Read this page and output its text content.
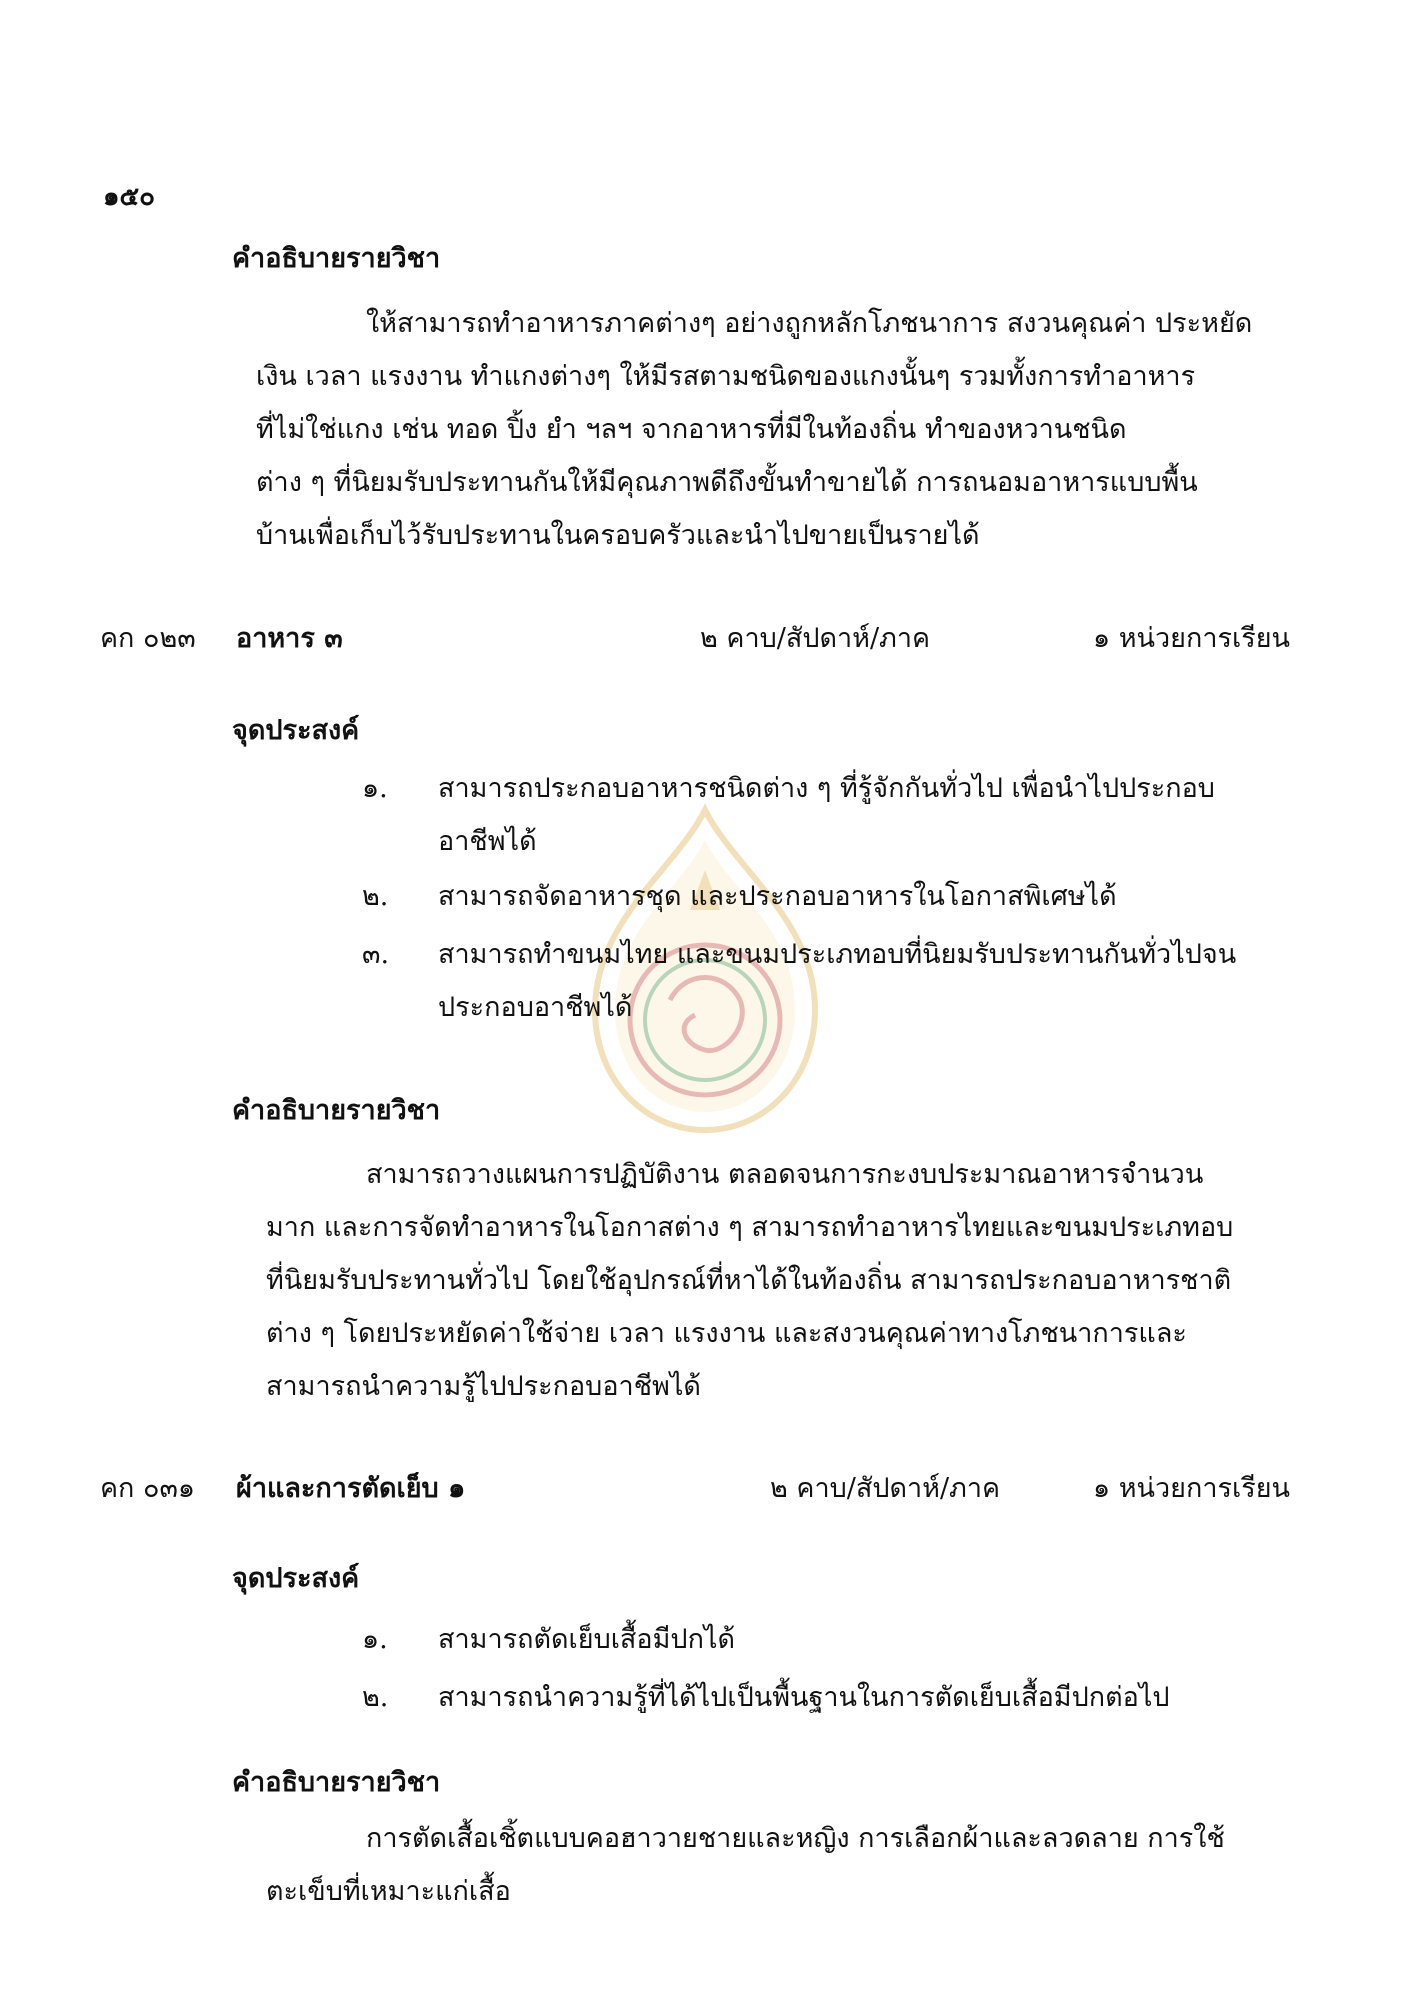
๑๕๐
คำอธิบายรายวิชา
ให้สามารถทำอาหารภาคต่างๆ อย่างถูกหลักโภชนาการ สงวนคุณค่า ประหยัด
เงิน เวลา แรงงาน ทำแกงต่างๆ ให้มีรสตามชนิดของแกงนั้นๆ รวมทั้งการทำอาหาร
ที่ไม่ใช่แกง เช่น ทอด ปิ้ง ยำ ฯลฯ จากอาหารที่มีในท้องถิ่น ทำของหวานชนิด
ต่าง ๆ ที่นิยมรับประทานกันให้มีคุณภาพดีถึงขั้นทำขายได้ การถนอมอาหารแบบพื้น
บ้านเพื่อเก็บไว้รับประทานในครอบครัวและนำไปขายเป็นรายได้
คก ๐๒๓ อาหาร ๓	๒ คาบ/สัปดาห์/ภาค	๑ หน่วยการเรียน
จุดประสงค์
๑. สามารถประกอบอาหารชนิดต่าง ๆ ที่รู้จักกันทั่วไป เพื่อนำไปประกอบ
อาชีพได้
๒. สามารถจัดอาหารชุด และประกอบอาหารในโอกาสพิเศษได้
๓. สามารถทำขนมไทย และขนมประเภทอบที่นิยมรับประทานกันทั่วไปจน
ประกอบอาชีพได้
คำอธิบายรายวิชา
สามารถวางแผนการปฏิบัติงาน ตลอดจนการกะงบประมาณอาหารจำนวน
มาก และการจัดทำอาหารในโอกาสต่าง ๆ สามารถทำอาหารไทยและขนมประเภทอบ
ที่นิยมรับประทานทั่วไป โดยใช้อุปกรณ์ที่หาได้ในท้องถิ่น สามารถประกอบอาหารชาติ
ต่าง ๆ โดยประหยัดค่าใช้จ่าย เวลา แรงงาน และสงวนคุณค่าทางโภชนาการและ
สามารถนำความรู้ไปประกอบอาชีพได้
คก ๐๓๑ ผ้าและการตัดเย็บ ๑	๒ คาบ/สัปดาห์/ภาค	๑ หน่วยการเรียน
จุดประสงค์
๑. สามารถตัดเย็บเสื้อมีปกได้
๒. สามารถนำความรู้ที่ได้ไปเป็นพื้นฐานในการตัดเย็บเสื้อมีปกต่อไป
คำอธิบายรายวิชา
การตัดเสื้อเชิ้ตแบบคอฮาวายชายและหญิง การเลือกผ้าและลวดลาย การใช้
ตะเข็บที่เหมาะแก่เสื้อ
